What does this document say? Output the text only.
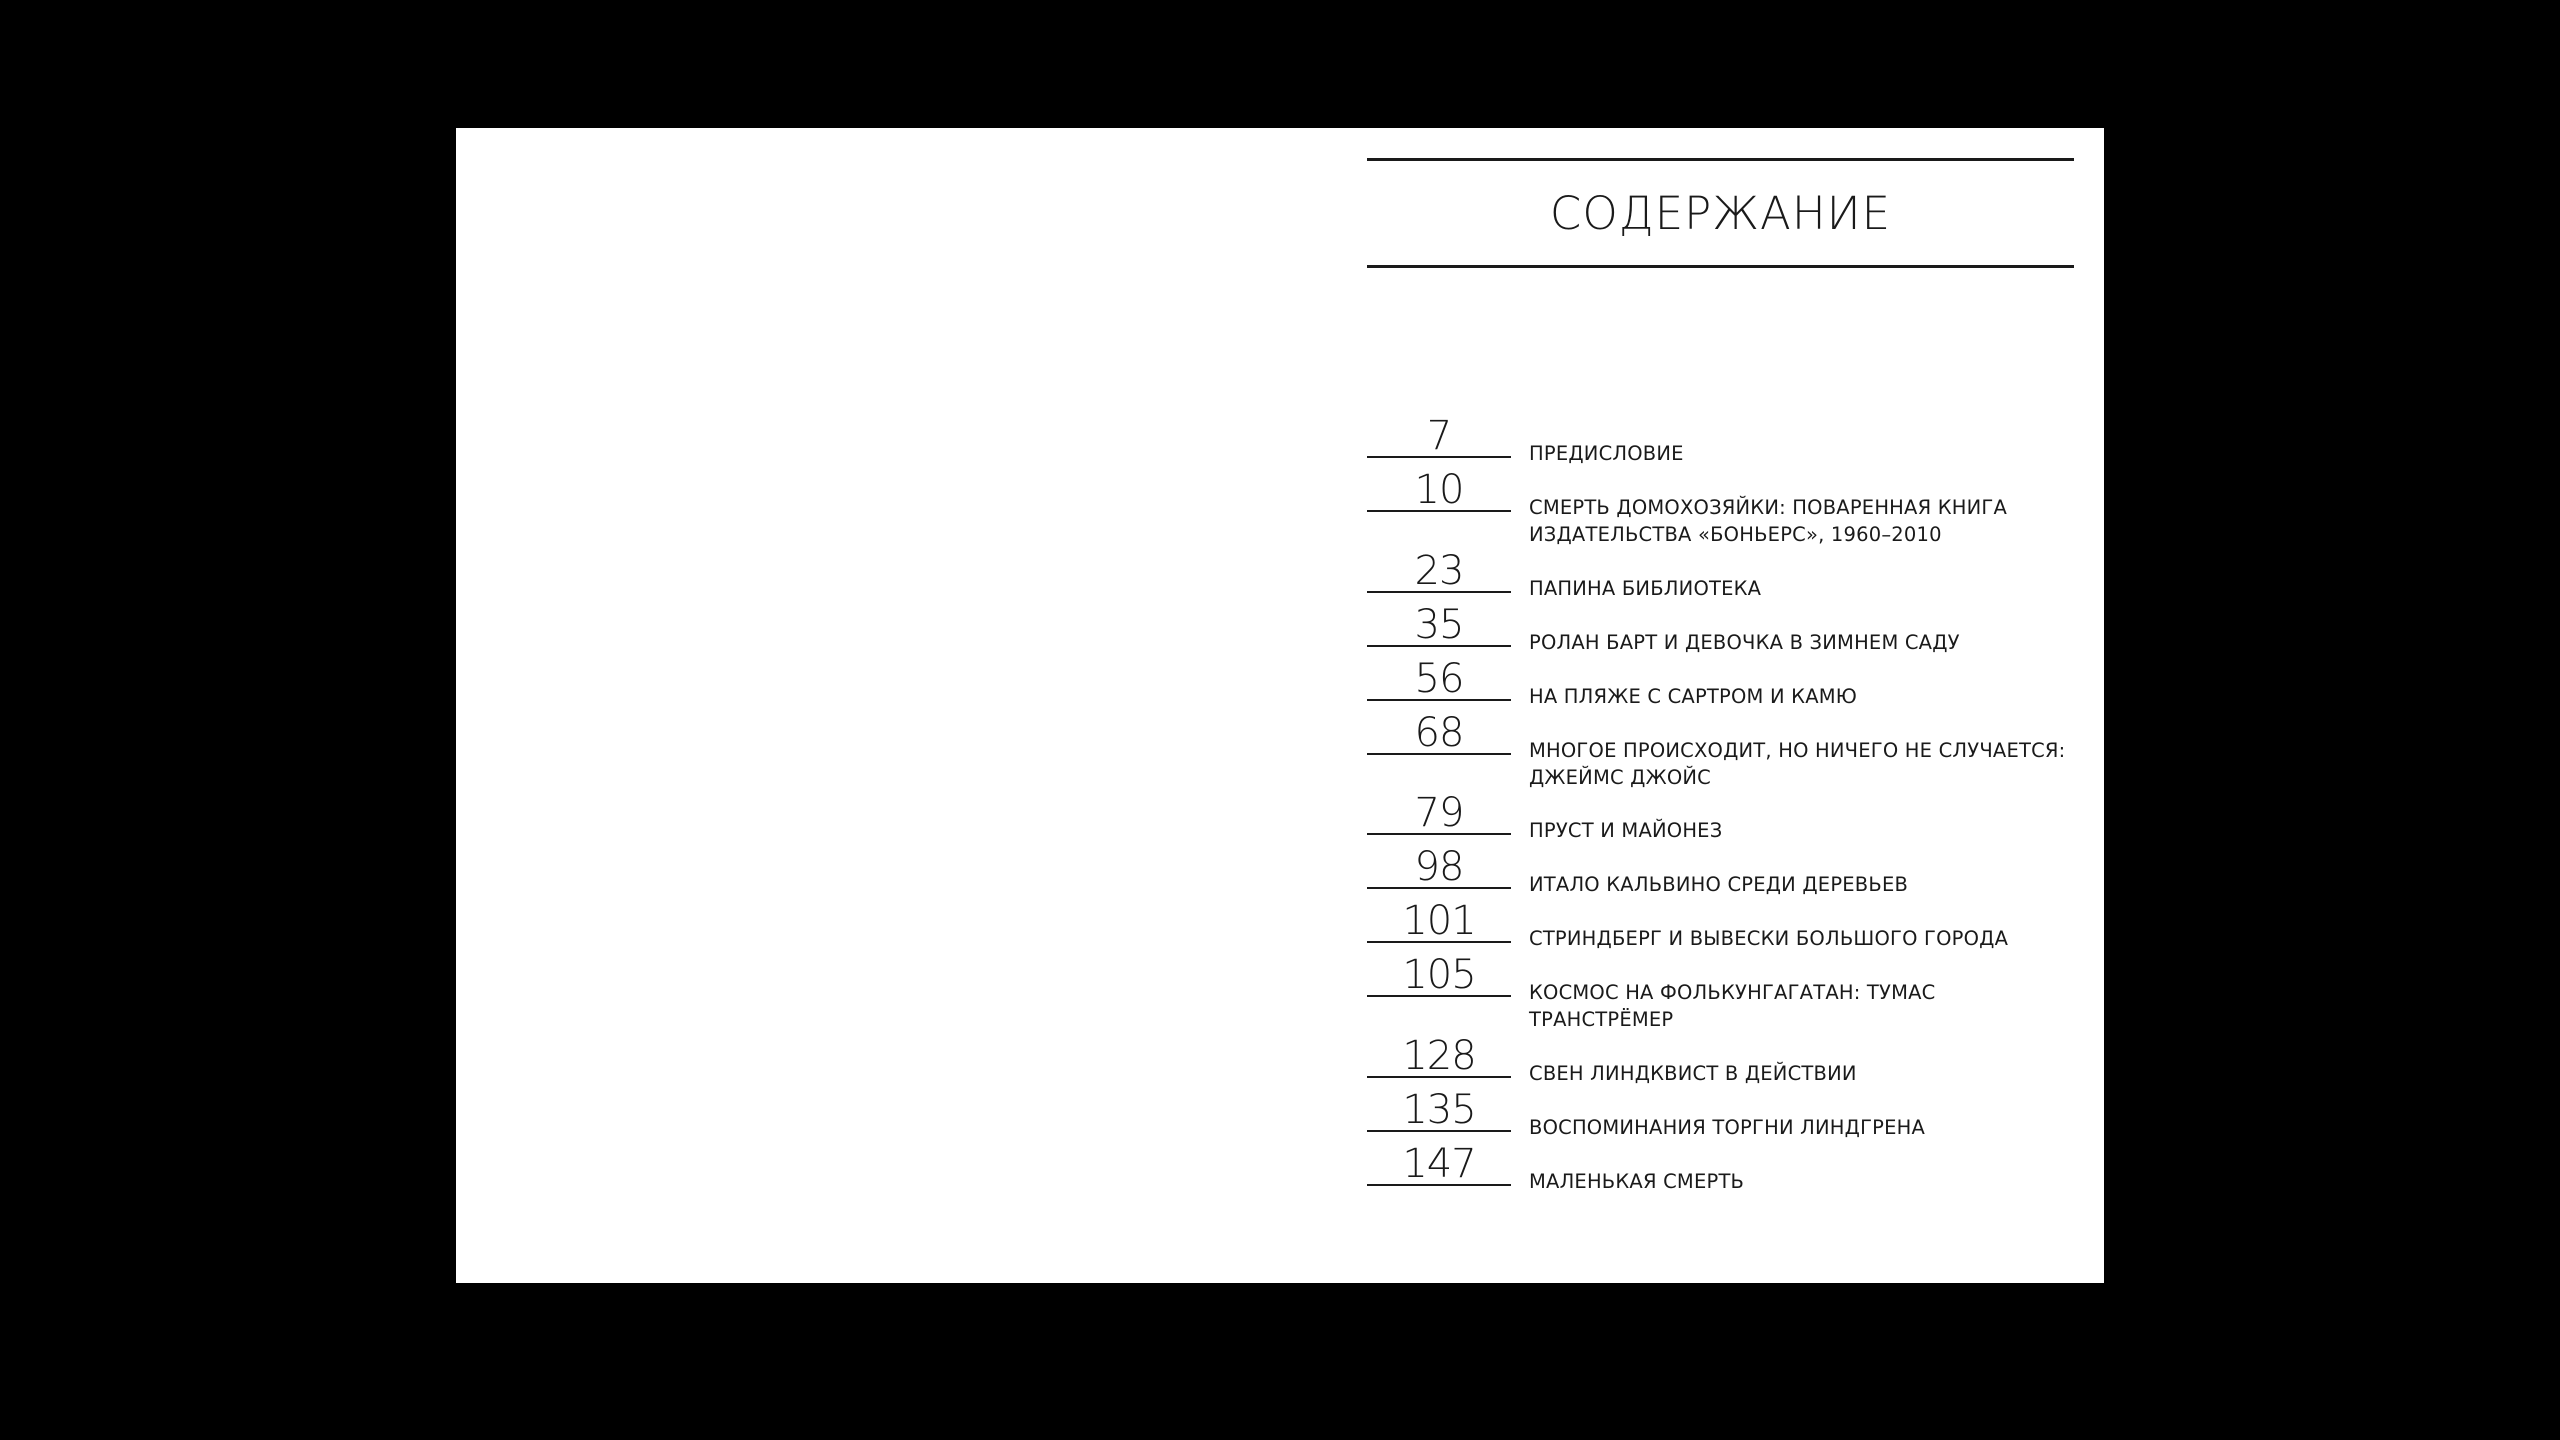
СОДЕРЖАНИЕ
7	ПРЕДИСЛОВИЕ
10	СМЕРТЬ ДОМОХОЗЯЙКИ: ПОВАРЕННАЯ КНИГА ИЗДАТЕЛЬСТВА «БОНЬЕРС», 1960–2010
23	ПАПИНА БИБЛИОТЕКА
35	РОЛАН БАРТ И ДЕВОЧКА В ЗИМНЕМ САДУ
56	НА ПЛЯЖЕ С САРТРОМ И КАМЮ
68	МНОГОЕ ПРОИСХОДИТ, НО НИЧЕГО НЕ СЛУЧАЕТСЯ: ДЖЕЙМС ДЖОЙС
79	ПРУСТ И МАЙОНЕЗ
98	ИТАЛО КАЛЬВИНО СРЕДИ ДЕРЕВЬЕВ
101	СТРИНДБЕРГ И ВЫВЕСКИ БОЛЬШОГО ГОРОДА
105	КОСМОС НА ФОЛЬКУНГАГАТАН: ТУМАС ТРАНСТРЁМЕР
128	СВЕН ЛИНДКВИСТ В ДЕЙСТВИИ
135	ВОСПОМИНАНИЯ ТОРГНИ ЛИНДГРЕНА
147	МАЛЕНЬКАЯ СМЕРТЬ
